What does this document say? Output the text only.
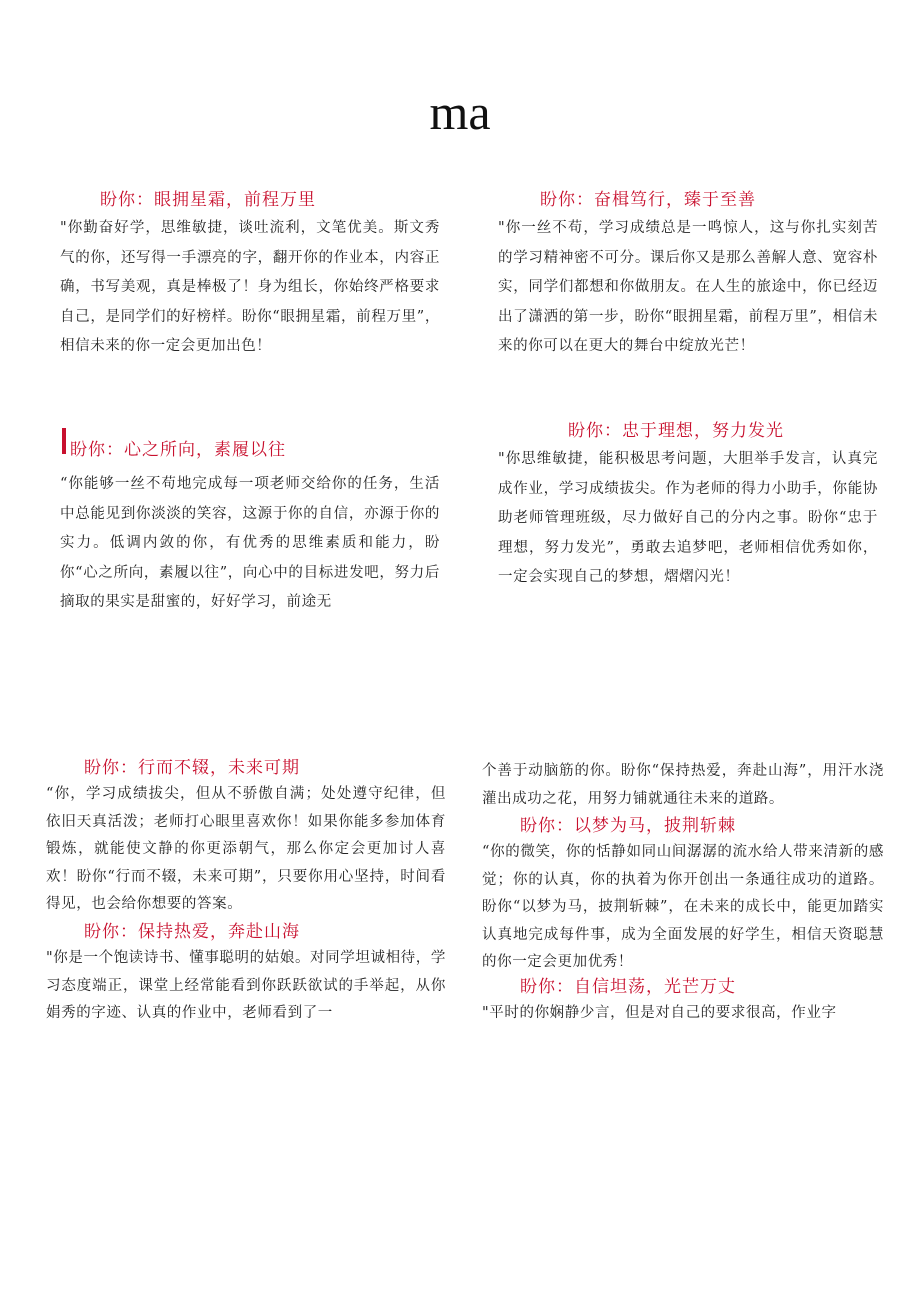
ma
盼你：眼拥星霜，前程万里

"你勤奋好学，思维敏捷，谈吐流利，文笔优美。斯文秀气的你，还写得一手漂亮的字，翻开你的作业本，内容正确，书写美观，真是棒极了！身为组长，你始终严格要求自己，是同学们的好榜样。盼你“眼拥星霜，前程万里”，相信未来的你一定会更加出色！

盼你：奋楫笃行，臻于至善

"你一丝不苟，学习成绩总是一鸣惊人，这与你扎实刻苦的学习精神密不可分。课后你又是那么善解人意、宽容朴实，同学们都想和你做朋友。在人生的旅途中，你已经迈出了潇洒的第一步，盼你“眼拥星霜，前程万里”，相信未来的你可以在更大的舞台中绽放光芒！

盼你：心之所向，素履以往

“你能够一丝不苟地完成每一项老师交给你的任务，生活中总能见到你淡淡的笑容，这源于你的自信，亦源于你的实力。低调内敛的你，有优秀的思维素质和能力，盼你“心之所向，素履以往”，向心中的目标进发吧，努力后摘取的果实是甜蜜的，好好学习，前途无

盼你：忠于理想，努力发光

"你思维敏捷，能积极思考问题，大胆举手发言，认真完成作业，学习成绩拔尖。作为老师的得力小助手，你能协助老师管理班级，尽力做好自己的分内之事。盼你“忠于理想，努力发光”，勇敢去追梦吧，老师相信优秀如你，一定会实现自己的梦想，熠熠闪光！

盼你：行而不辍，未来可期

“你，学习成绩拔尖，但从不骄傲自满；处处遵守纪律，但依旧天真活泼；老师打心眼里喜欢你！如果你能多参加体育锻炼，就能使文静的你更添朝气，那么你定会更加讨人喜欢！盼你“行而不辍，未来可期”，只要你用心坚持，时间看得见，也会给你想要的答案。

盼你：保持热爱，奔赴山海

"你是一个饱读诗书、懂事聪明的姑娘。对同学坦诚相待，学习态度端正，课堂上经常能看到你跃跃欲试的手举起，从你娟秀的字迹、认真的作业中，老师看到了一

个善于动脑筋的你。盼你“保持热爱，奔赴山海”，用汗水浇灌出成功之花，用努力铺就通往未来的道路。

盼你：以梦为马，披荆斩棘

“你的微笑，你的恬静如同山间潺潺的流水给人带来清新的感觉；你的认真，你的执着为你开创出一条通往成功的道路。盼你“以梦为马，披荆斩棘”，在未来的成长中，能更加踏实认真地完成每件事，成为全面发展的好学生，相信天资聪慧的你一定会更加优秀！

盼你：自信坦荡，光芒万丈

"平时的你娴静少言，但是对自己的要求很高，作业字
